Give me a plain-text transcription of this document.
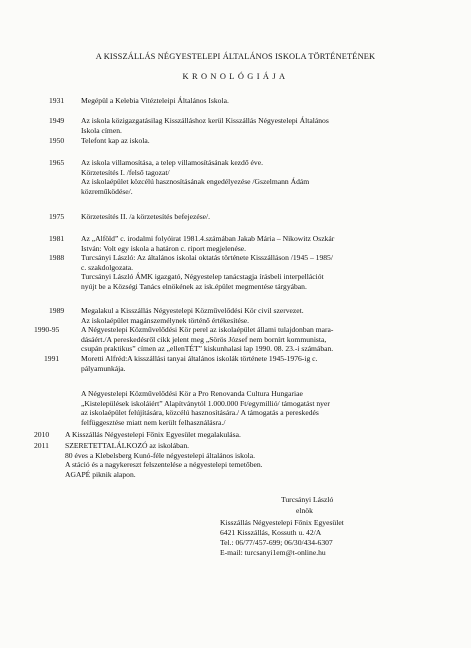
A KISSZÁLLÁS NÉGYESTELEPI ÁLTALÁNOS ISKOLA TÖRTÉNETÉNEK
KRONOLÓGIÁJA
1931 Megépül a Kelebia Vitézteleipi Általános Iskola.
1949 Az iskola közigazgatásilag Kisszálláshoz kerül Kisszállás Négyestelepi Általános
Iskola címen.
1950 Telefont kap az iskola.
1965 Az iskola villamosítása, a telep villamosításának kezdő éve.
Körzetesítés I. /felső tagozat/
Az iskolaépület közcélú hasznosításának engedélyezése /Gszelmann Ádám
közreműködése/.
1975 Körzetesítés II. /a körzetesítés befejezése/.
1981 Az „Alföld” c. irodalmi folyóirat 1981.4.számában Jakab Mária – Nikowitz Oszkár
István: Volt egy iskola a határon c. riport megjelenése.
1988 Turcsányi László: Az általános iskolai oktatás története Kisszálláson /1945 – 1985/
c. szakdolgozata.
Turcsányi László ÁMK igazgató, Négyestelep tanácstagja írásbeli interpellációt
nyújt be a Községi Tanács elnökének az isk.épület megmentése tárgyában.
1989 Megalakul a Kisszállás Négyestelepi Közművelődési Kör civil szervezet.
Az iskolaépület magánszemélynek történő értékesítése.
1990-95	A Négyestelepi Közművelődési Kör perel az iskolaépület állami tulajdonban mara-
dásáért./A pereskedésről cikk jelent meg „Sörös József nem bornírt kommunista,
csupán praktikus” címen az „ellenTÉT” kiskunhalasi lap 1990. 08. 23.-i számában.
1991	Moretti Alfréd:A kisszállási tanyai általános iskolák története 1945-1976-ig c.
pályamunkája.
A Négyestelepi Közművelődési Kör a Pro Renovanda Cultura Hungariae
„Kistelepülések iskoláiért” Alapítványtól 1.000.000 Ft/egymillió/ támogatást nyer
az iskolaépület felújítására, közcélú hasznosítására./ A támogatás a pereskedés
felfüggesztése miatt nem került felhasználásra./
2010 A Kisszállás Négyestelepi Főnix Egyesület megalakulása.
2011 SZERETETTALÁLKOZÓ az iskolában.
80 éves a Klebelsberg Kunó-féle négyestelepi általános iskola.
A stáció és a nagykereszt felszentelése a négyestelepi temetőben.
AGAPÉ piknik alapon.
Turcsányi László
elnök
Kisszállás Négyestelepi Főnix Egyesület
6421 Kisszállás, Kossuth u. 42/A
Tel.: 06/77/457-699; 06/30/434-6307
E-mail: turcsanyi1em@t-online.hu
